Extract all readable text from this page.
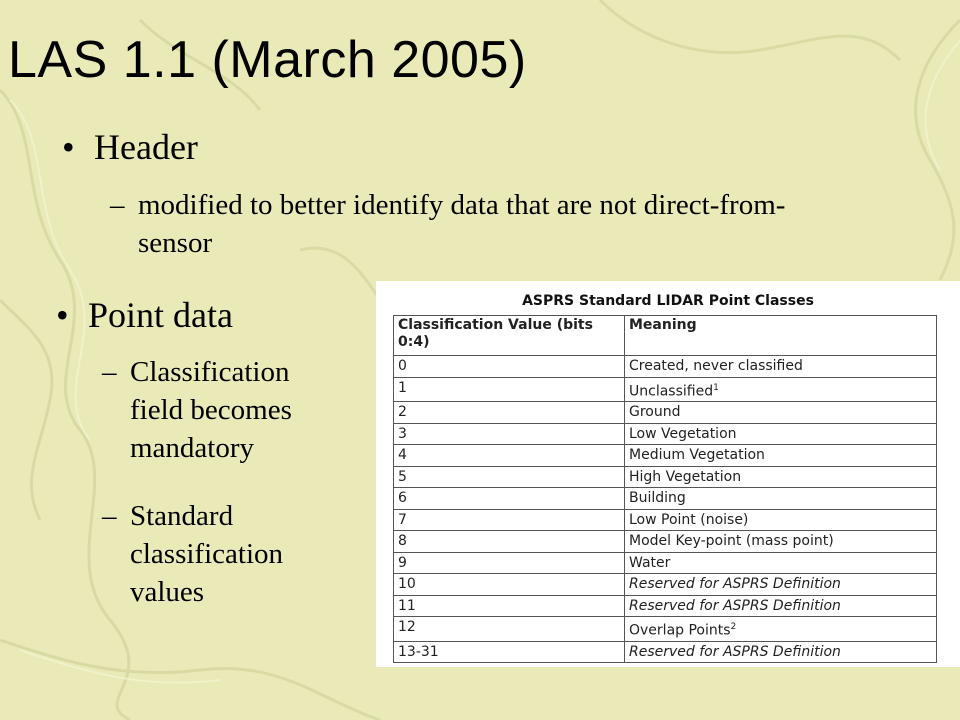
LAS 1.1 (March 2005)
• Header
– modified to better identify data that are not direct-from-sensor
• Point data
– Classification field becomes mandatory
– Standard classification values
ASPRS Standard LIDAR Point Classes
Classification Value (bits 0:4)	Meaning
0	Created, never classified
1	Unclassified$^1$
2	Ground
3	Low Vegetation
4	Medium Vegetation
5	High Vegetation
6	Building
7	Low Point (noise)
8	Model Key-point (mass point)
9	Water
10	Reserved for ASPRS Definition
11	Reserved for ASPRS Definition
12	Overlap Points$^2$
13-31	Reserved for ASPRS Definition
